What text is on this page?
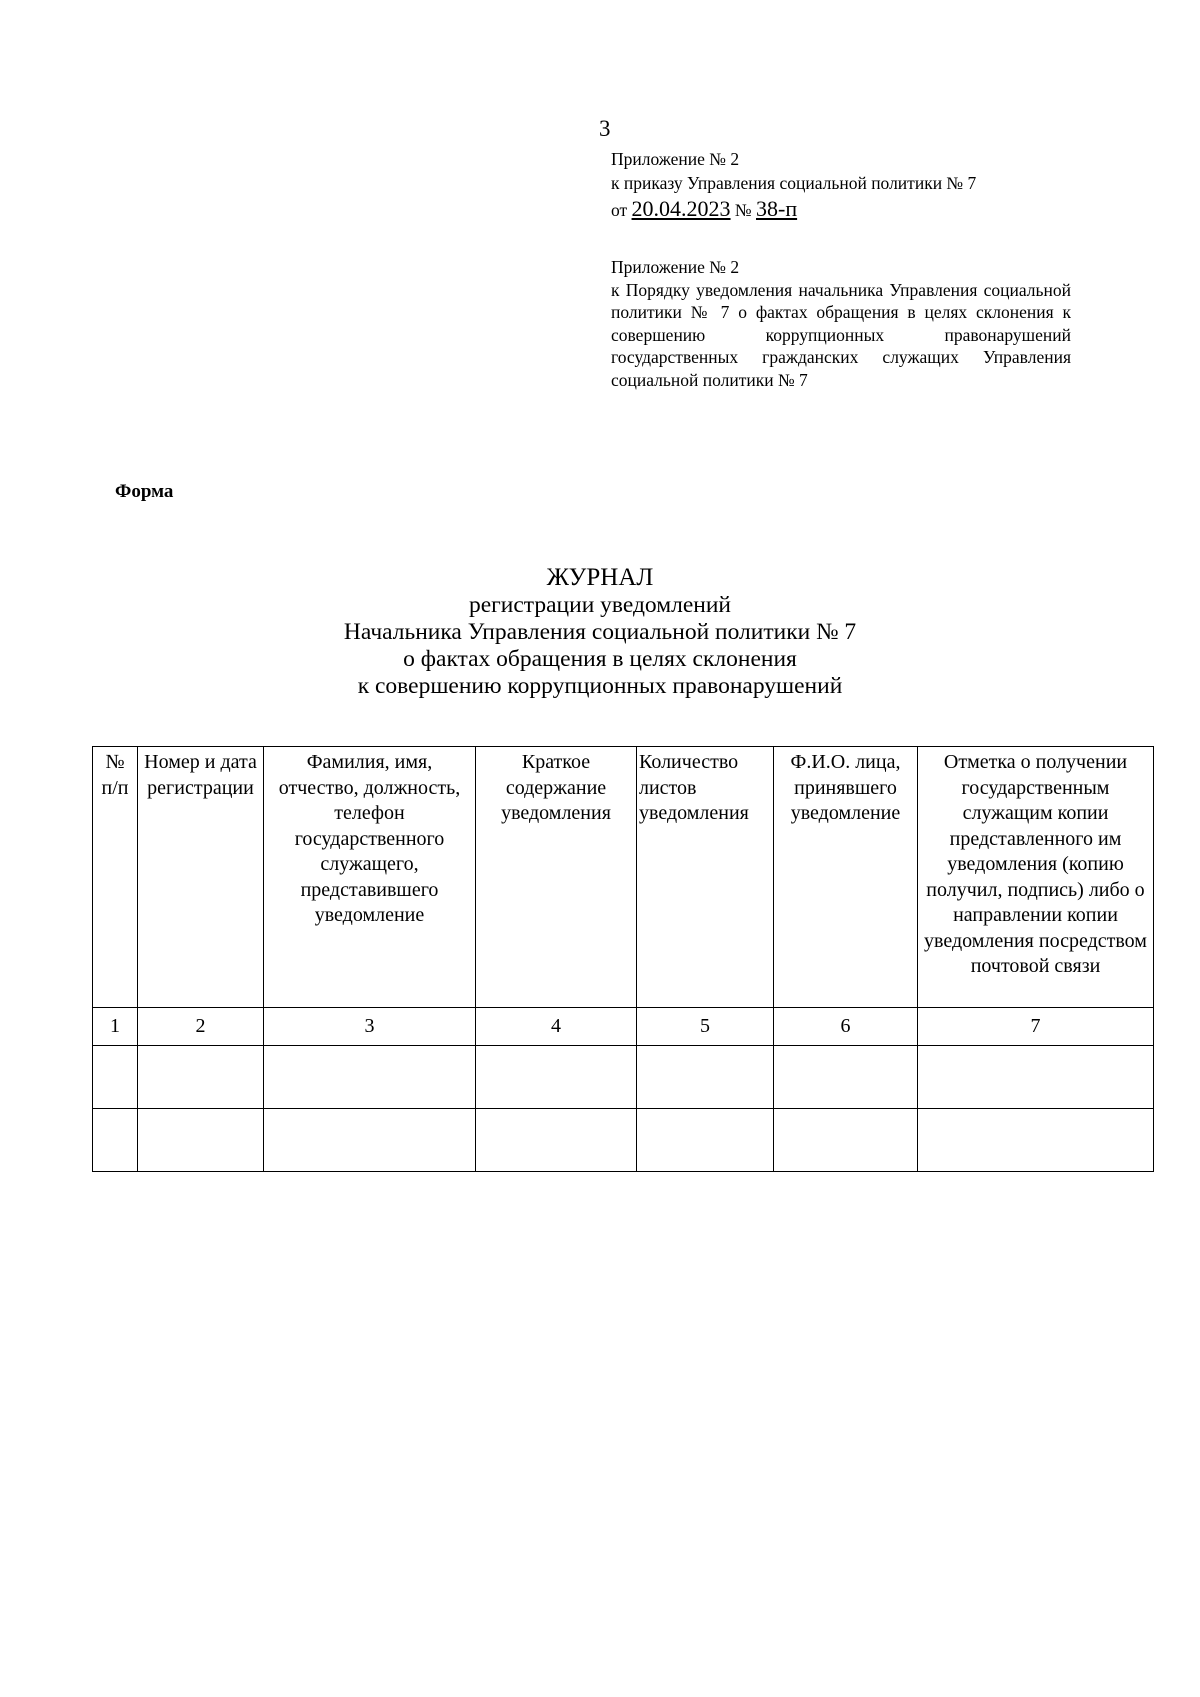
3
Приложение № 2
к приказу Управления социальной политики № 7
от 20.04.2023 № 38-п
Приложение № 2
к Порядку уведомления начальника Управления социальной политики № 7 о фактах обращения в целях склонения к совершению коррупционных правонарушений государственных гражданских служащих Управления социальной политики № 7
Форма
ЖУРНАЛ
регистрации уведомлений
Начальника Управления социальной политики № 7
о фактах обращения в целях склонения
к совершению коррупционных правонарушений
№ п/п	Номер и дата регистрации	Фамилия, имя, отчество, должность, телефон государственного служащего, представившего уведомление	Краткое содержание уведомления	Количество листов уведомления	Ф.И.О. лица, принявшего уведомление	Отметка о получении государственным служащим копии представленного им уведомления (копию получил, подпись) либо о направлении копии уведомления посредством почтовой связи
1	2	3	4	5	6	7
